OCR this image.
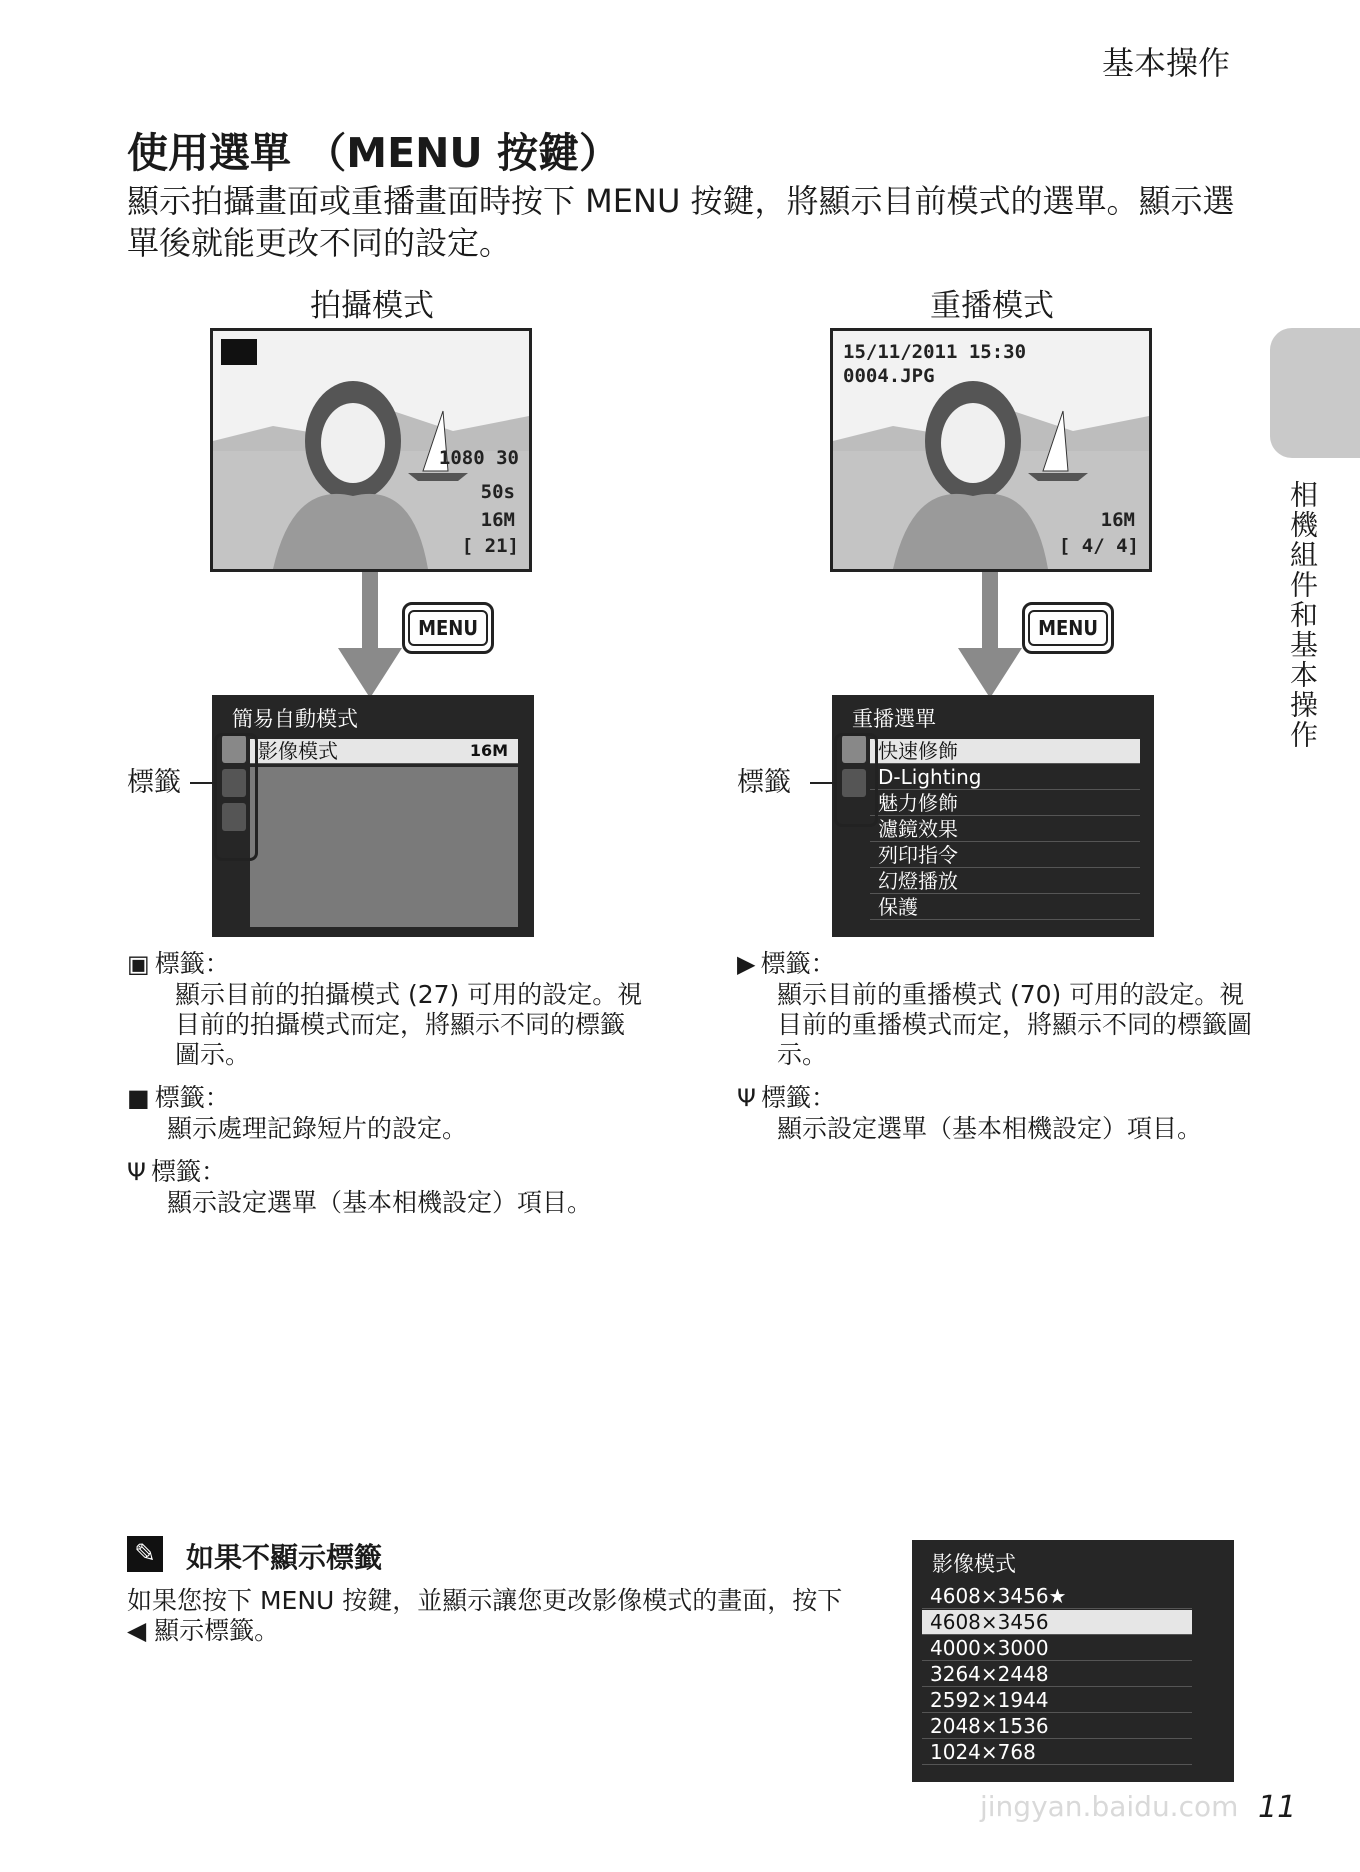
基本操作
相機組件和基本操作
使用選單 （MENU 按鍵）
顯示拍攝畫面或重播畫面時按下 MENU 按鍵，將顯示目前模式的選單。顯示選單後就能更改不同的設定。
拍攝模式
1080 30
50s
16M
[ 21]
MENU
簡易自動模式
影像模式	16M
標籤
▣ 標籤：
顯示目前的拍攝模式 (27) 可用的設定。視目前的拍攝模式而定，將顯示不同的標籤圖示。
■ 標籤：
顯示處理記錄短片的設定。
Ψ 標籤：
顯示設定選單（基本相機設定）項目。
重播模式
15/11/2011 15:30
0004.JPG
16M
[ 4/ 4]
MENU
重播選單
快速修飾
D-Lighting
魅力修飾
濾鏡效果
列印指令
幻燈播放
保護
標籤
▶ 標籤：
顯示目前的重播模式 (70) 可用的設定。視目前的重播模式而定，將顯示不同的標籤圖示。
Ψ 標籤：
顯示設定選單（基本相機設定）項目。
✎ 如果不顯示標籤
如果您按下 MENU 按鍵，並顯示讓您更改影像模式的畫面，按下 ◀ 顯示標籤。
影像模式
4608×3456★
4608×3456
4000×3000
3264×2448
2592×1944
2048×1536
1024×768
jingyan.baidu.com 11
